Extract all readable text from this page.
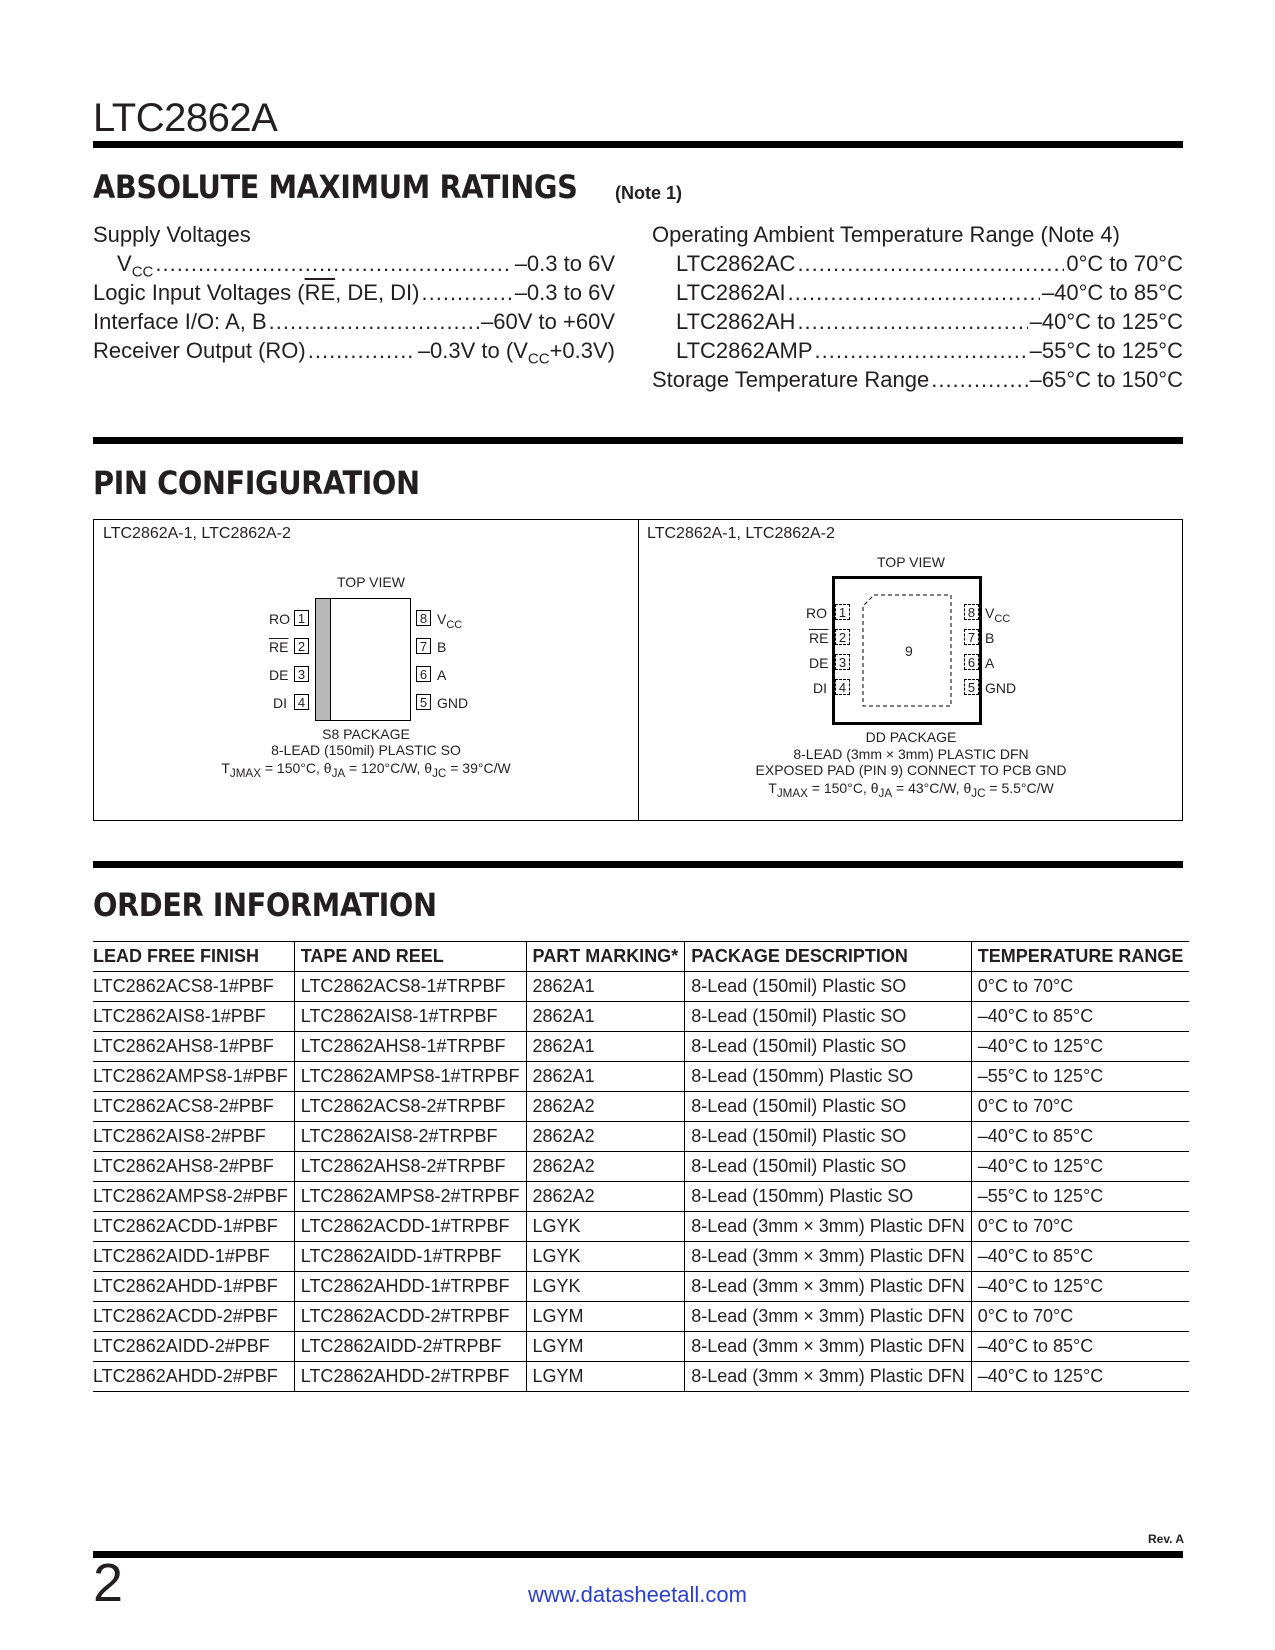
LTC2862A
ABSOLUTE MAXIMUM RATINGS (Note 1)
Supply Voltages
$V_{CC}$ .....	–0.3 to 6V
Logic Input Voltages ($\overline{RE}$, DE, DI) .....	–0.3 to 6V
Interface I/O: A, B .....	–60V to +60V
Receiver Output (RO) .....	–0.3V to $(V_{CC}+0.3V)$
Operating Ambient Temperature Range (Note 4)
LTC2862AC .....	0°C to 70°C
LTC2862AI .....	–40°C to 85°C
LTC2862AH .....	–40°C to 125°C
LTC2862AMP .....	–55°C to 125°C
Storage Temperature Range .....	–65°C to 150°C
PIN CONFIGURATION
LTC2862A-1, LTC2862A-2
TOP VIEW
RO 1
$\overline{RE}$ 2
DE 3
DI 4
8 $V_{CC}$
7 B
6 A
5 GND
S8 PACKAGE
8-LEAD (150mil) PLASTIC SO
$T_{JMAX} = 150^\circ C$, $\theta_{JA} = 120^\circ C/W$, $\theta_{JC} = 39^\circ C/W$
LTC2862A-1, LTC2862A-2
TOP VIEW
9
RO 1
$\overline{RE}$ 2
DE 3
DI 4
8 $V_{CC}$
7 B
6 A
5 GND
DD PACKAGE
8-LEAD (3mm × 3mm) PLASTIC DFN
EXPOSED PAD (PIN 9) CONNECT TO PCB GND
$T_{JMAX} = 150^\circ C$, $\theta_{JA} = 43^\circ C/W$, $\theta_{JC} = 5.5^\circ C/W$
ORDER INFORMATION
LEAD FREE FINISH	TAPE AND REEL	PART MARKING*	PACKAGE DESCRIPTION	TEMPERATURE RANGE
LTC2862ACS8-1#PBF	LTC2862ACS8-1#TRPBF	2862A1	8-Lead (150mil) Plastic SO	0°C to 70°C
LTC2862AIS8-1#PBF	LTC2862AIS8-1#TRPBF	2862A1	8-Lead (150mil) Plastic SO	–40°C to 85°C
LTC2862AHS8-1#PBF	LTC2862AHS8-1#TRPBF	2862A1	8-Lead (150mil) Plastic SO	–40°C to 125°C
LTC2862AMPS8-1#PBF	LTC2862AMPS8-1#TRPBF	2862A1	8-Lead (150mm) Plastic SO	–55°C to 125°C
LTC2862ACS8-2#PBF	LTC2862ACS8-2#TRPBF	2862A2	8-Lead (150mil) Plastic SO	0°C to 70°C
LTC2862AIS8-2#PBF	LTC2862AIS8-2#TRPBF	2862A2	8-Lead (150mil) Plastic SO	–40°C to 85°C
LTC2862AHS8-2#PBF	LTC2862AHS8-2#TRPBF	2862A2	8-Lead (150mil) Plastic SO	–40°C to 125°C
LTC2862AMPS8-2#PBF	LTC2862AMPS8-2#TRPBF	2862A2	8-Lead (150mm) Plastic SO	–55°C to 125°C
LTC2862ACDD-1#PBF	LTC2862ACDD-1#TRPBF	LGYK	8-Lead (3mm × 3mm) Plastic DFN	0°C to 70°C
LTC2862AIDD-1#PBF	LTC2862AIDD-1#TRPBF	LGYK	8-Lead (3mm × 3mm) Plastic DFN	–40°C to 85°C
LTC2862AHDD-1#PBF	LTC2862AHDD-1#TRPBF	LGYK	8-Lead (3mm × 3mm) Plastic DFN	–40°C to 125°C
LTC2862ACDD-2#PBF	LTC2862ACDD-2#TRPBF	LGYM	8-Lead (3mm × 3mm) Plastic DFN	0°C to 70°C
LTC2862AIDD-2#PBF	LTC2862AIDD-2#TRPBF	LGYM	8-Lead (3mm × 3mm) Plastic DFN	–40°C to 85°C
LTC2862AHDD-2#PBF	LTC2862AHDD-2#TRPBF	LGYM	8-Lead (3mm × 3mm) Plastic DFN	–40°C to 125°C
Rev. A
2	www.datasheetall.com
